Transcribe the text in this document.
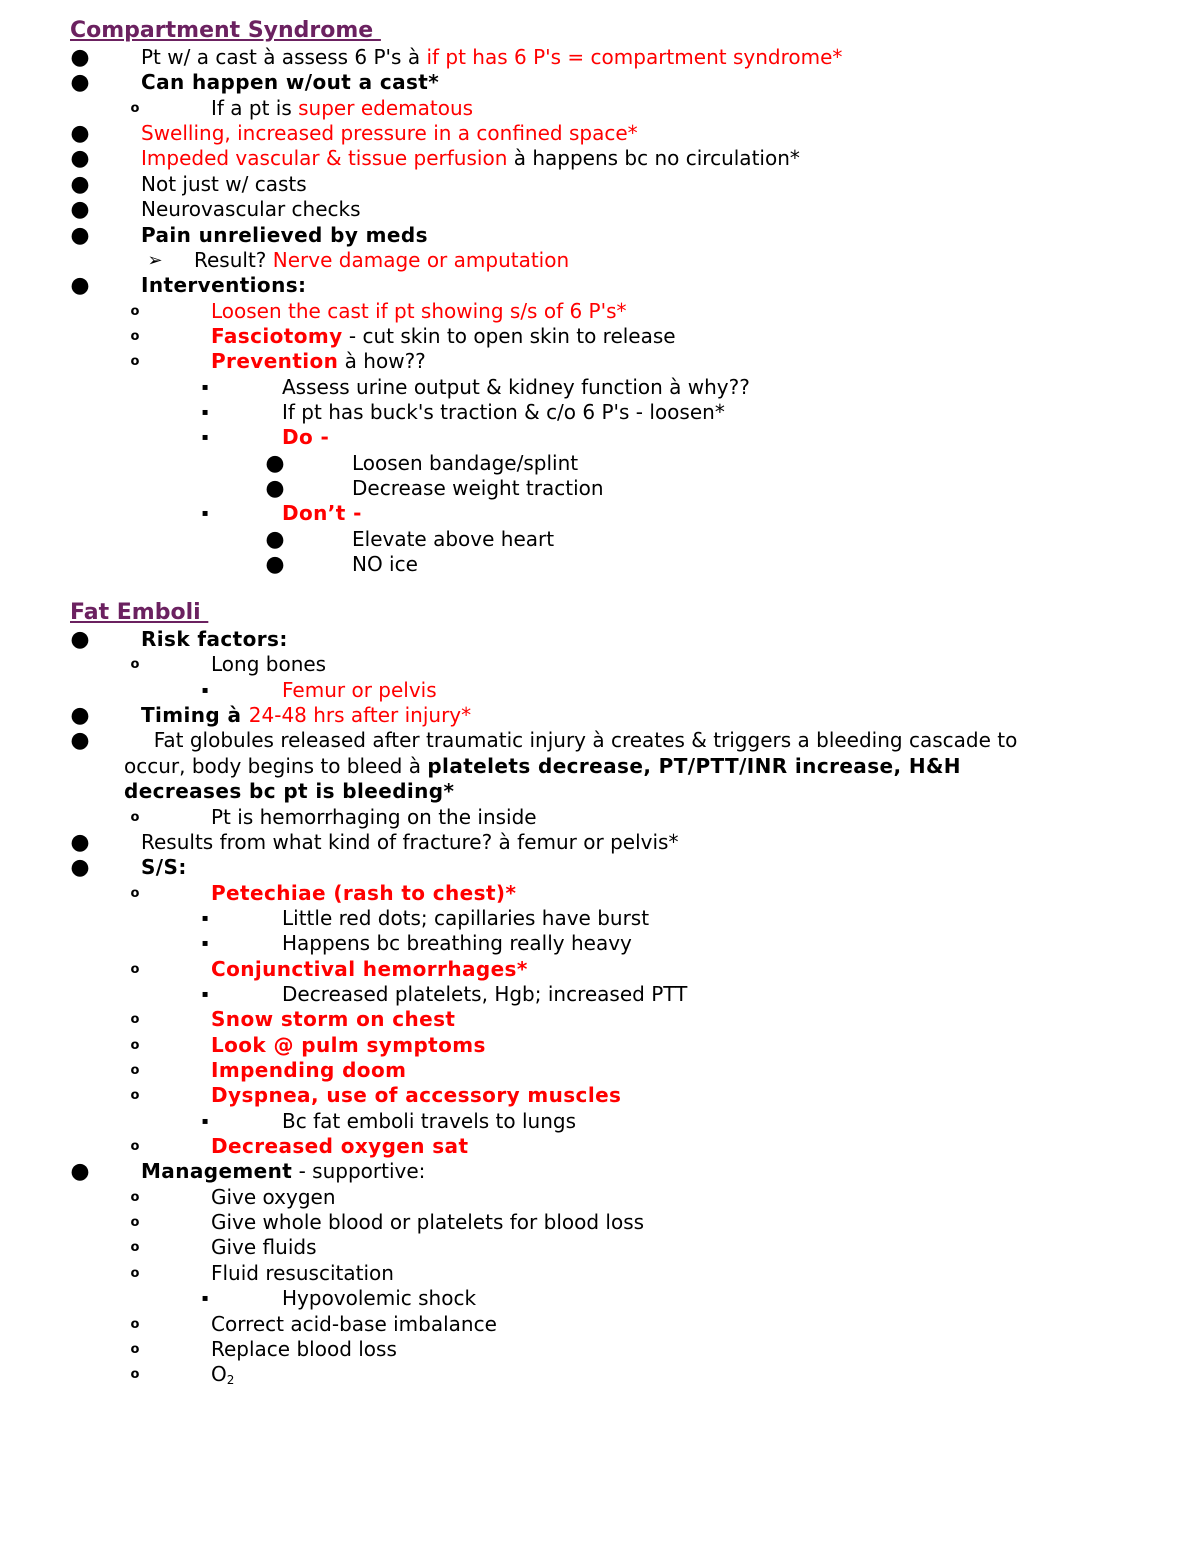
Compartment Syndrome
●	Pt w/ a cast à assess 6 P's à if pt has 6 P's = compartment syndrome*
●	Can happen w/out a cast*
o	If a pt is super edematous
●	Swelling, increased pressure in a confined space*
●	Impeded vascular & tissue perfusion à happens bc no circulation*
●	Not just w/ casts
●	Neurovascular checks
●	Pain unrelieved by meds
➢ Result? Nerve damage or amputation
●	Interventions:
o	Loosen the cast if pt showing s/s of 6 P's*
o	Fasciotomy - cut skin to open skin to release
o	Prevention à how??
▪	Assess urine output & kidney function à why??
▪	If pt has buck's traction & c/o 6 P's - loosen*
▪	Do -
●	Loosen bandage/splint
●	Decrease weight traction
▪	Don’t -
●	Elevate above heart
●	NO ice
Fat Emboli
●	Risk factors:
o	Long bones
▪	Femur or pelvis
●	Timing à 24-48 hrs after injury*
●	Fat globules released after traumatic injury à creates & triggers a bleeding cascade to
occur, body begins to bleed à platelets decrease, PT/PTT/INR increase, H&H
decreases bc pt is bleeding*
o	Pt is hemorrhaging on the inside
●	Results from what kind of fracture? à femur or pelvis*
●	S/S:
o	Petechiae (rash to chest)*
▪	Little red dots; capillaries have burst
▪	Happens bc breathing really heavy
o	Conjunctival hemorrhages*
▪	Decreased platelets, Hgb; increased PTT
o	Snow storm on chest
o	Look @ pulm symptoms
o	Impending doom
o	Dyspnea, use of accessory muscles
▪	Bc fat emboli travels to lungs
o	Decreased oxygen sat
●	Management - supportive:
o	Give oxygen
o	Give whole blood or platelets for blood loss
o	Give fluids
o	Fluid resuscitation
▪	Hypovolemic shock
o	Correct acid-base imbalance
o	Replace blood loss
o	O2
